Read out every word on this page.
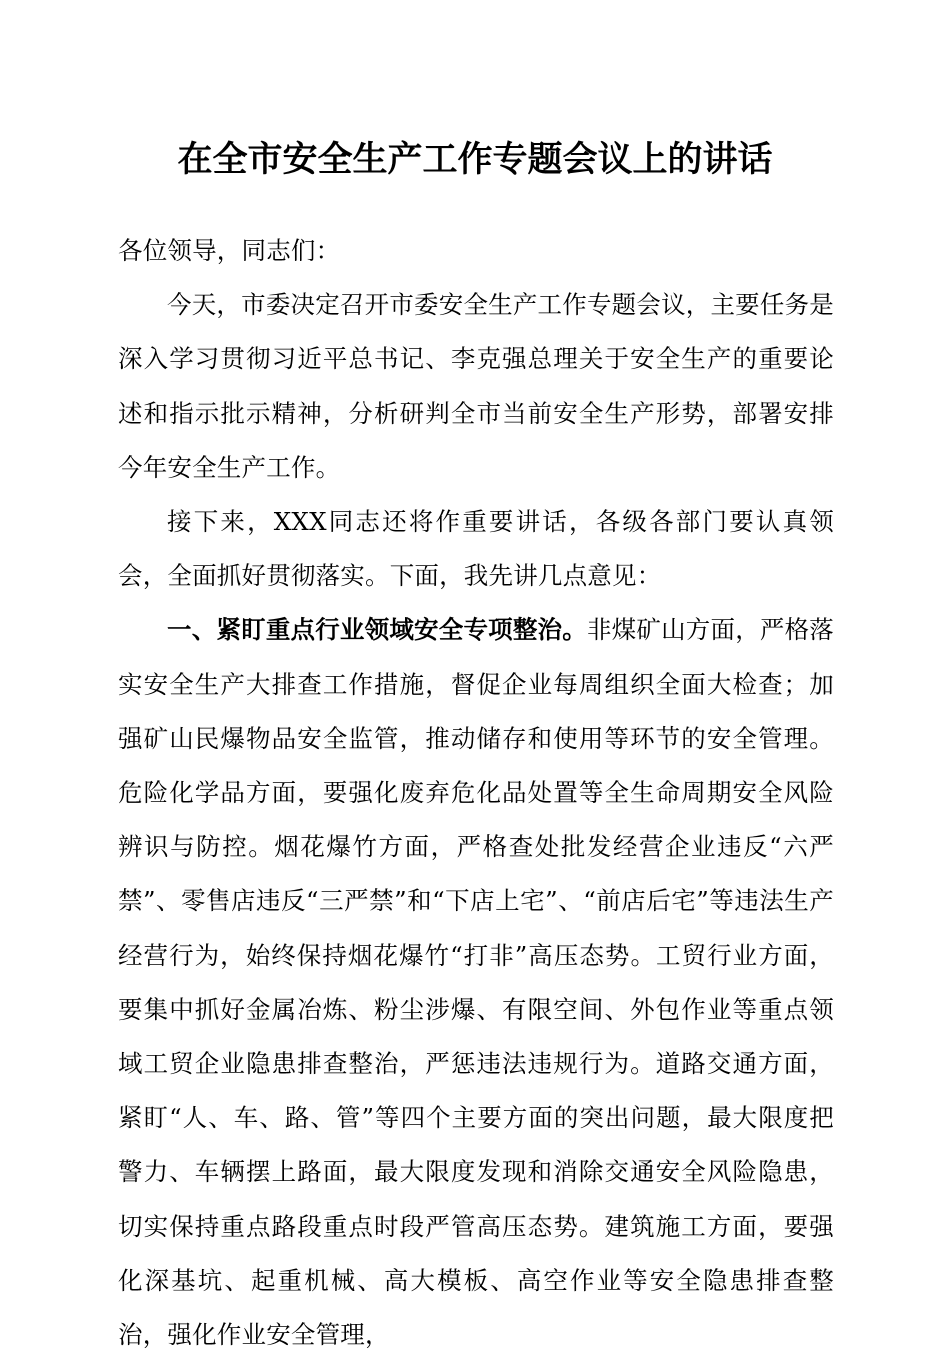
在全市安全生产工作专题会议上的讲话

各位领导，同志们：

今天，市委决定召开市委安全生产工作专题会议，主要任务是深入学习贯彻习近平总书记、李克强总理关于安全生产的重要论述和指示批示精神，分析研判全市当前安全生产形势，部署安排今年安全生产工作。

接下来，XXX同志还将作重要讲话，各级各部门要认真领会，全面抓好贯彻落实。下面，我先讲几点意见：

一、紧盯重点行业领域安全专项整治。非煤矿山方面，严格落实安全生产大排查工作措施，督促企业每周组织全面大检查；加强矿山民爆物品安全监管，推动储存和使用等环节的安全管理。危险化学品方面，要强化废弃危化品处置等全生命周期安全风险辨识与防控。烟花爆竹方面，严格查处批发经营企业违反“六严禁”、零售店违反“三严禁”和“下店上宅”、“前店后宅”等违法生产经营行为，始终保持烟花爆竹“打非”高压态势。工贸行业方面，要集中抓好金属冶炼、粉尘涉爆、有限空间、外包作业等重点领域工贸企业隐患排查整治，严惩违法违规行为。道路交通方面，紧盯“人、车、路、管”等四个主要方面的突出问题，最大限度把警力、车辆摆上路面，最大限度发现和消除交通安全风险隐患，切实保持重点路段重点时段严管高压态势。建筑施工方面，要强化深基坑、起重机械、高大模板、高空作业等安全隐患排查整治，强化作业安全管理，
